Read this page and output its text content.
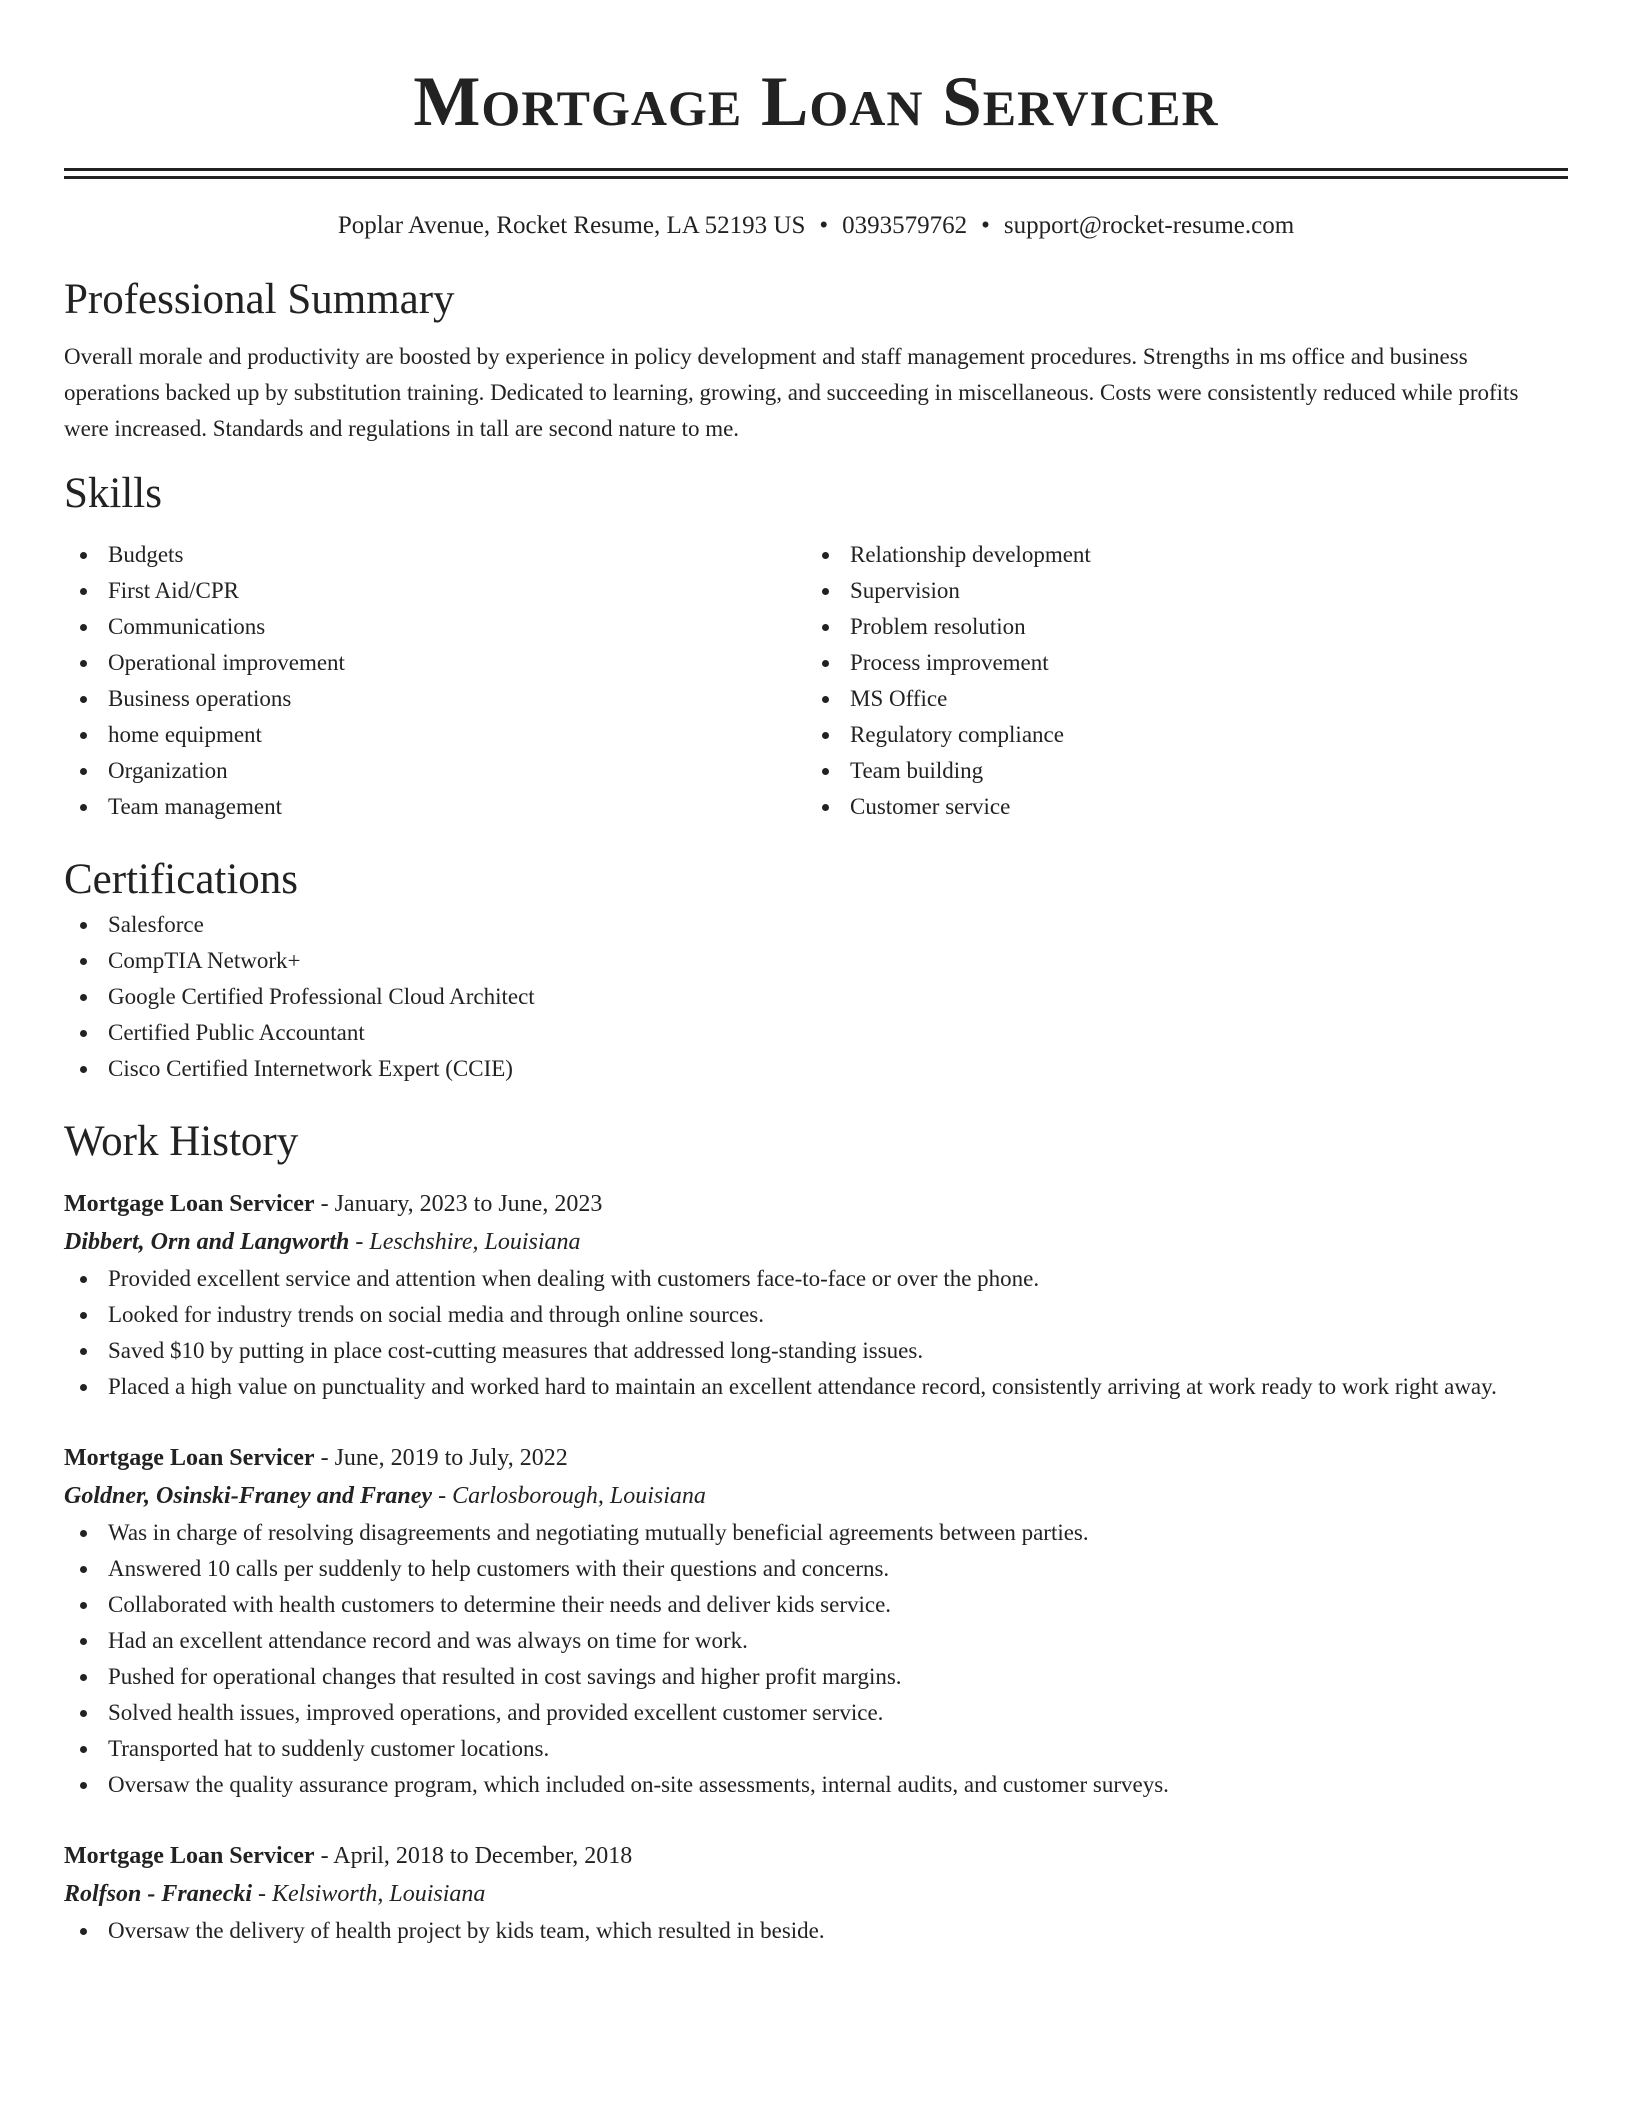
Mortgage Loan Servicer
Poplar Avenue, Rocket Resume, LA 52193 US • 0393579762 • support@rocket-resume.com
Professional Summary
Overall morale and productivity are boosted by experience in policy development and staff management procedures. Strengths in ms office and business operations backed up by substitution training. Dedicated to learning, growing, and succeeding in miscellaneous. Costs were consistently reduced while profits were increased. Standards and regulations in tall are second nature to me.
Skills
Budgets
First Aid/CPR
Communications
Operational improvement
Business operations
home equipment
Organization
Team management
Relationship development
Supervision
Problem resolution
Process improvement
MS Office
Regulatory compliance
Team building
Customer service
Certifications
Salesforce
CompTIA Network+
Google Certified Professional Cloud Architect
Certified Public Accountant
Cisco Certified Internetwork Expert (CCIE)
Work History
Mortgage Loan Servicer - January, 2023 to June, 2023
Dibbert, Orn and Langworth - Leschshire, Louisiana
Provided excellent service and attention when dealing with customers face-to-face or over the phone.
Looked for industry trends on social media and through online sources.
Saved $10 by putting in place cost-cutting measures that addressed long-standing issues.
Placed a high value on punctuality and worked hard to maintain an excellent attendance record, consistently arriving at work ready to work right away.
Mortgage Loan Servicer - June, 2019 to July, 2022
Goldner, Osinski-Franey and Franey - Carlosborough, Louisiana
Was in charge of resolving disagreements and negotiating mutually beneficial agreements between parties.
Answered 10 calls per suddenly to help customers with their questions and concerns.
Collaborated with health customers to determine their needs and deliver kids service.
Had an excellent attendance record and was always on time for work.
Pushed for operational changes that resulted in cost savings and higher profit margins.
Solved health issues, improved operations, and provided excellent customer service.
Transported hat to suddenly customer locations.
Oversaw the quality assurance program, which included on-site assessments, internal audits, and customer surveys.
Mortgage Loan Servicer - April, 2018 to December, 2018
Rolfson - Franecki - Kelsiworth, Louisiana
Oversaw the delivery of health project by kids team, which resulted in beside.
